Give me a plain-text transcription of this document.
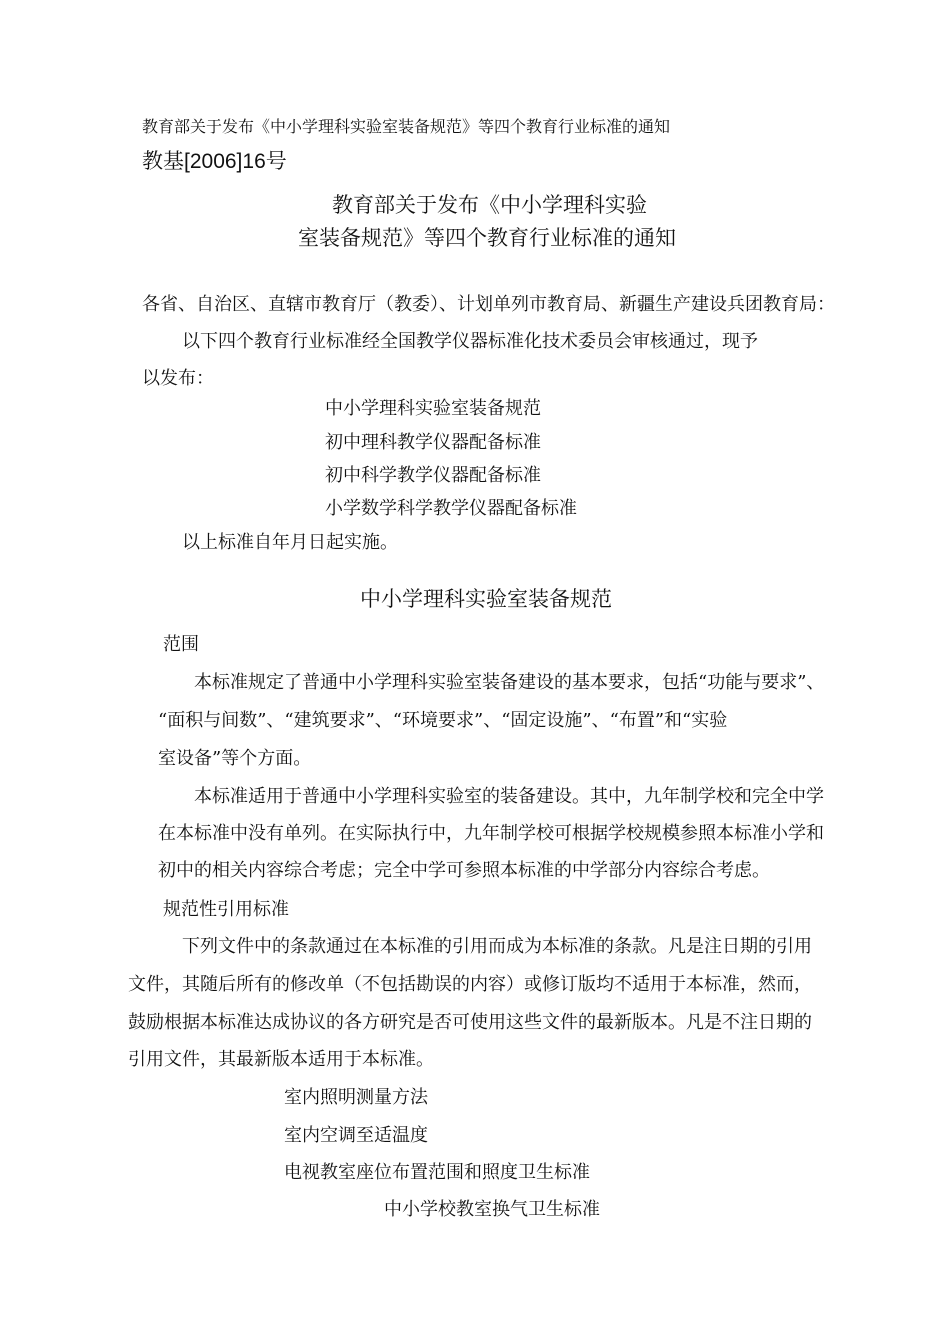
教育部关于发布《中小学理科实验室装备规范》等四个教育行业标准的通知
教基[2006]16号
教育部关于发布《中小学理科实验
室装备规范》等四个教育行业标准的通知
各省、自治区、直辖市教育厅（教委）、计划单列市教育局、新疆生产建设兵团教育局：
以下四个教育行业标准经全国教学仪器标准化技术委员会审核通过，现予
以发布：
中小学理科实验室装备规范
初中理科教学仪器配备标准
初中科学教学仪器配备标准
小学数学科学教学仪器配备标准
以上标准自年月日起实施。
中小学理科实验室装备规范
范围
本标准规定了普通中小学理科实验室装备建设的基本要求，包括“功能与要求”、
“面积与间数”、“建筑要求”、“环境要求”、“固定设施”、“布置”和“实验
室设备”等个方面。
本标准适用于普通中小学理科实验室的装备建设。其中，九年制学校和完全中学
在本标准中没有单列。在实际执行中，九年制学校可根据学校规模参照本标准小学和
初中的相关内容综合考虑；完全中学可参照本标准的中学部分内容综合考虑。
规范性引用标准
下列文件中的条款通过在本标准的引用而成为本标准的条款。凡是注日期的引用
文件，其随后所有的修改单（不包括勘误的内容）或修订版均不适用于本标准，然而，
鼓励根据本标准达成协议的各方研究是否可使用这些文件的最新版本。凡是不注日期的
引用文件，其最新版本适用于本标准。
室内照明测量方法
室内空调至适温度
电视教室座位布置范围和照度卫生标准
中小学校教室换气卫生标准
